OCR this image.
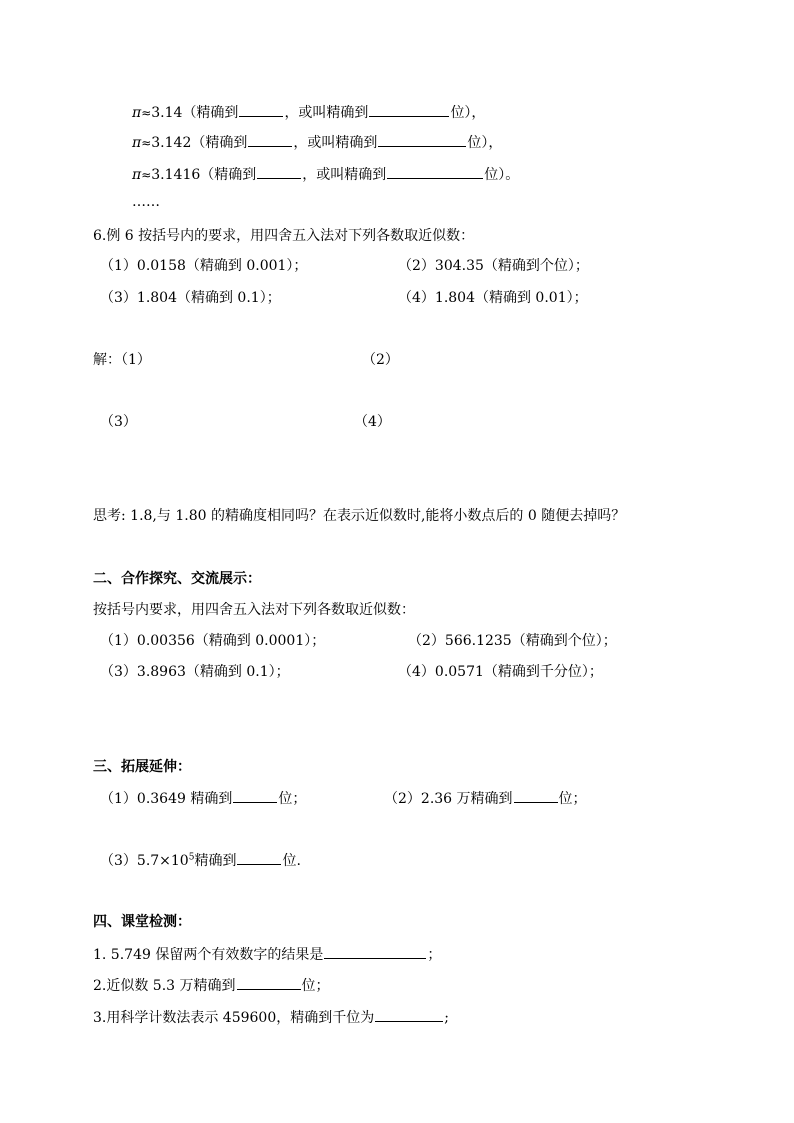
π≈3.14（精确到	，或叫精确到	位），
π≈3.142（精确到	，或叫精确到	位），
π≈3.1416（精确到	，或叫精确到	位）。
……
6.例 6 按括号内的要求，用四舍五入法对下列各数取近似数：
（1）0.0158（精确到 0.001）；	（2）304.35（精确到个位）；
（3）1.804（精确到 0.1）；	（4）1.804（精确到 0.01）；
解：（1）	（2）
（3）	（4）
思考: 1.8,与 1.80 的精确度相同吗？在表示近似数时,能将小数点后的 0 随便去掉吗？
二、合作探究、交流展示：
按括号内要求，用四舍五入法对下列各数取近似数：
（1）0.00356（精确到 0.0001）；	（2）566.1235（精确到个位）；
（3）3.8963（精确到 0.1）；	（4）0.0571（精确到千分位）；
三、拓展延伸：
（1）0.3649 精确到	位；	（2）2.36 万精确到	位；
$(3)5.7\times 10^5$精确到	位.
四、课堂检测：
1. 5.749 保留两个有效数字的结果是	；
2.近似数 5.3 万精确到	位；
3.用科学计数法表示 459600，精确到千位为	;
